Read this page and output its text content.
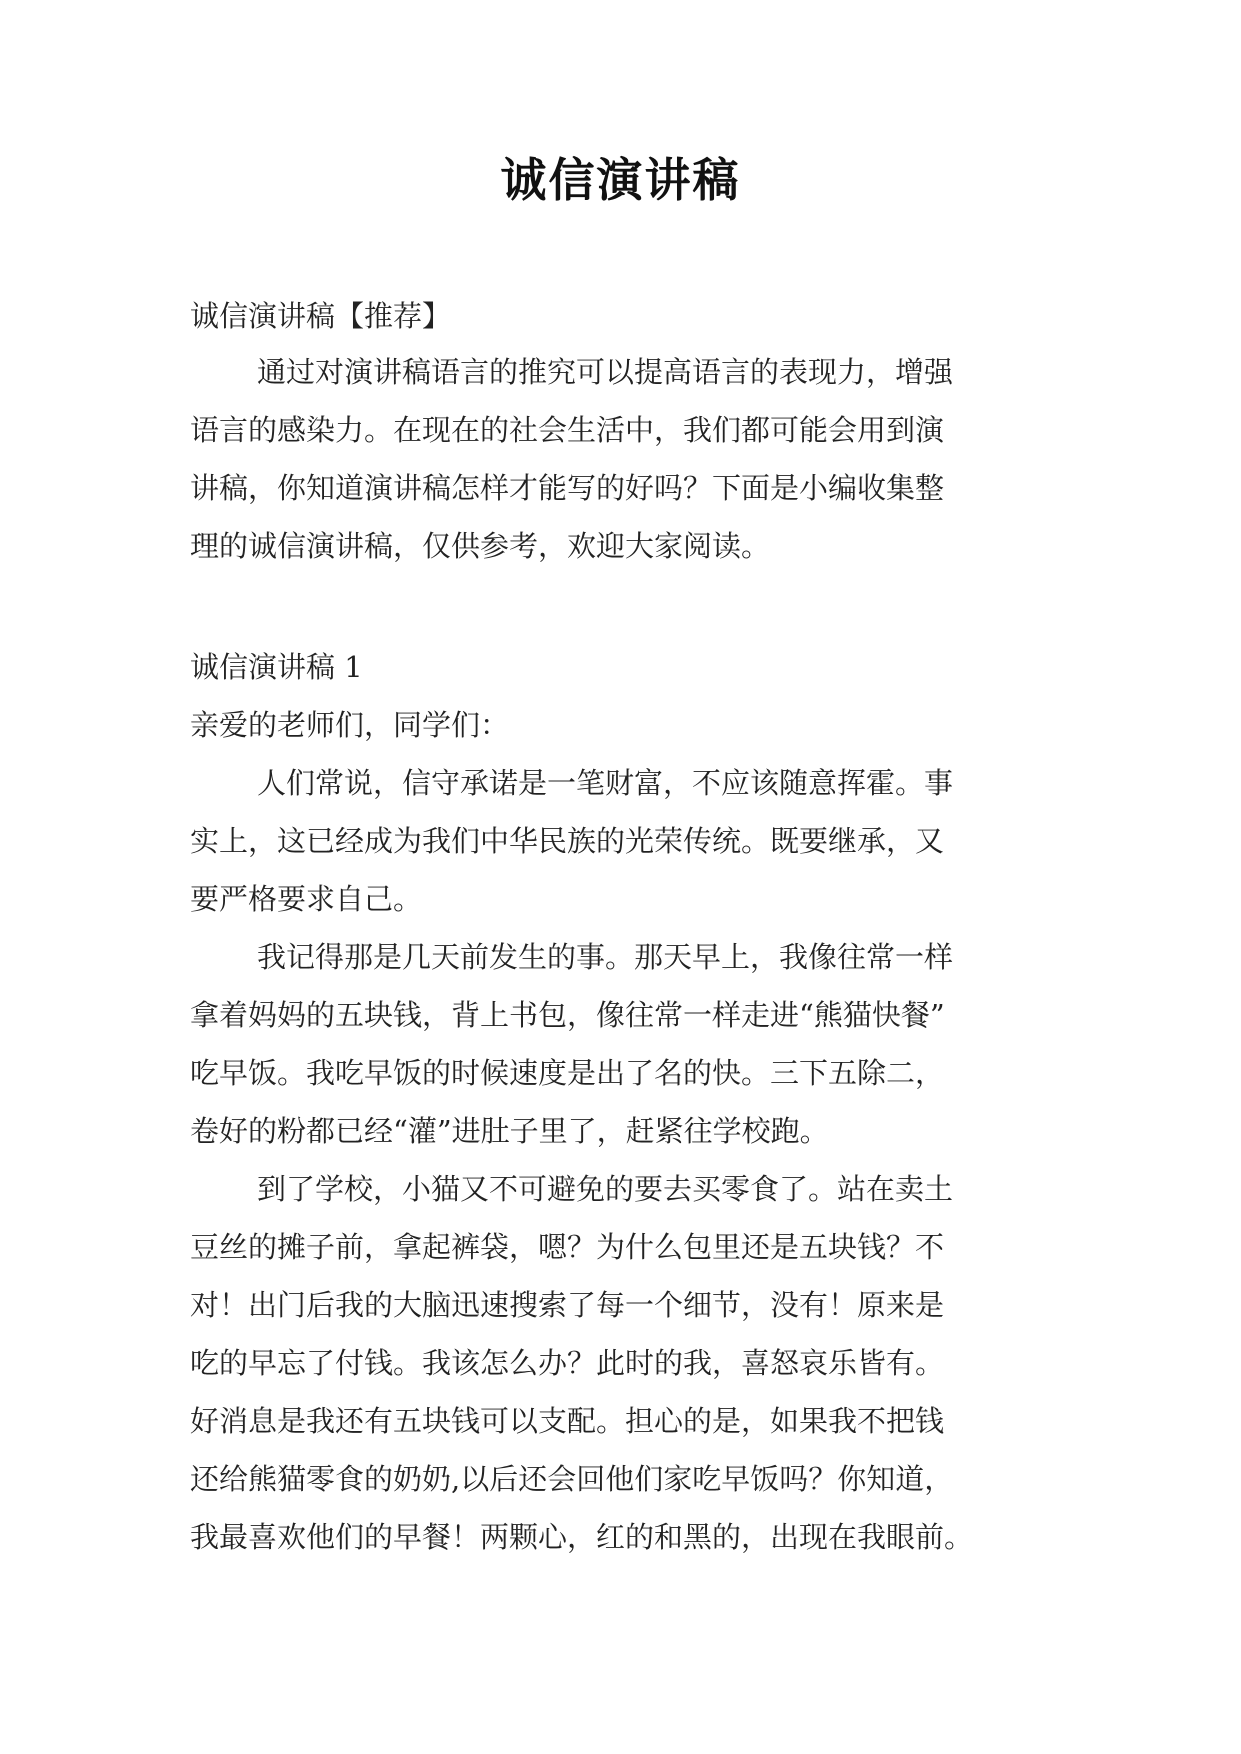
诚信演讲稿
诚信演讲稿【推荐】
通过对演讲稿语言的推究可以提高语言的表现力，增强
语言的感染力。在现在的社会生活中，我们都可能会用到演
讲稿，你知道演讲稿怎样才能写的好吗？下面是小编收集整
理的诚信演讲稿，仅供参考，欢迎大家阅读。
诚信演讲稿 1
亲爱的老师们，同学们：
人们常说，信守承诺是一笔财富，不应该随意挥霍。事
实上，这已经成为我们中华民族的光荣传统。既要继承，又
要严格要求自己。
我记得那是几天前发生的事。那天早上，我像往常一样
拿着妈妈的五块钱，背上书包，像往常一样走进“熊猫快餐”
吃早饭。我吃早饭的时候速度是出了名的快。三下五除二，
卷好的粉都已经“灌”进肚子里了，赶紧往学校跑。
到了学校，小猫又不可避免的要去买零食了。站在卖土
豆丝的摊子前，拿起裤袋，嗯？为什么包里还是五块钱？不
对！出门后我的大脑迅速搜索了每一个细节，没有！原来是
吃的早忘了付钱。我该怎么办？此时的我，喜怒哀乐皆有。
好消息是我还有五块钱可以支配。担心的是，如果我不把钱
还给熊猫零食的奶奶,以后还会回他们家吃早饭吗？你知道，
我最喜欢他们的早餐！两颗心，红的和黑的，出现在我眼前。
